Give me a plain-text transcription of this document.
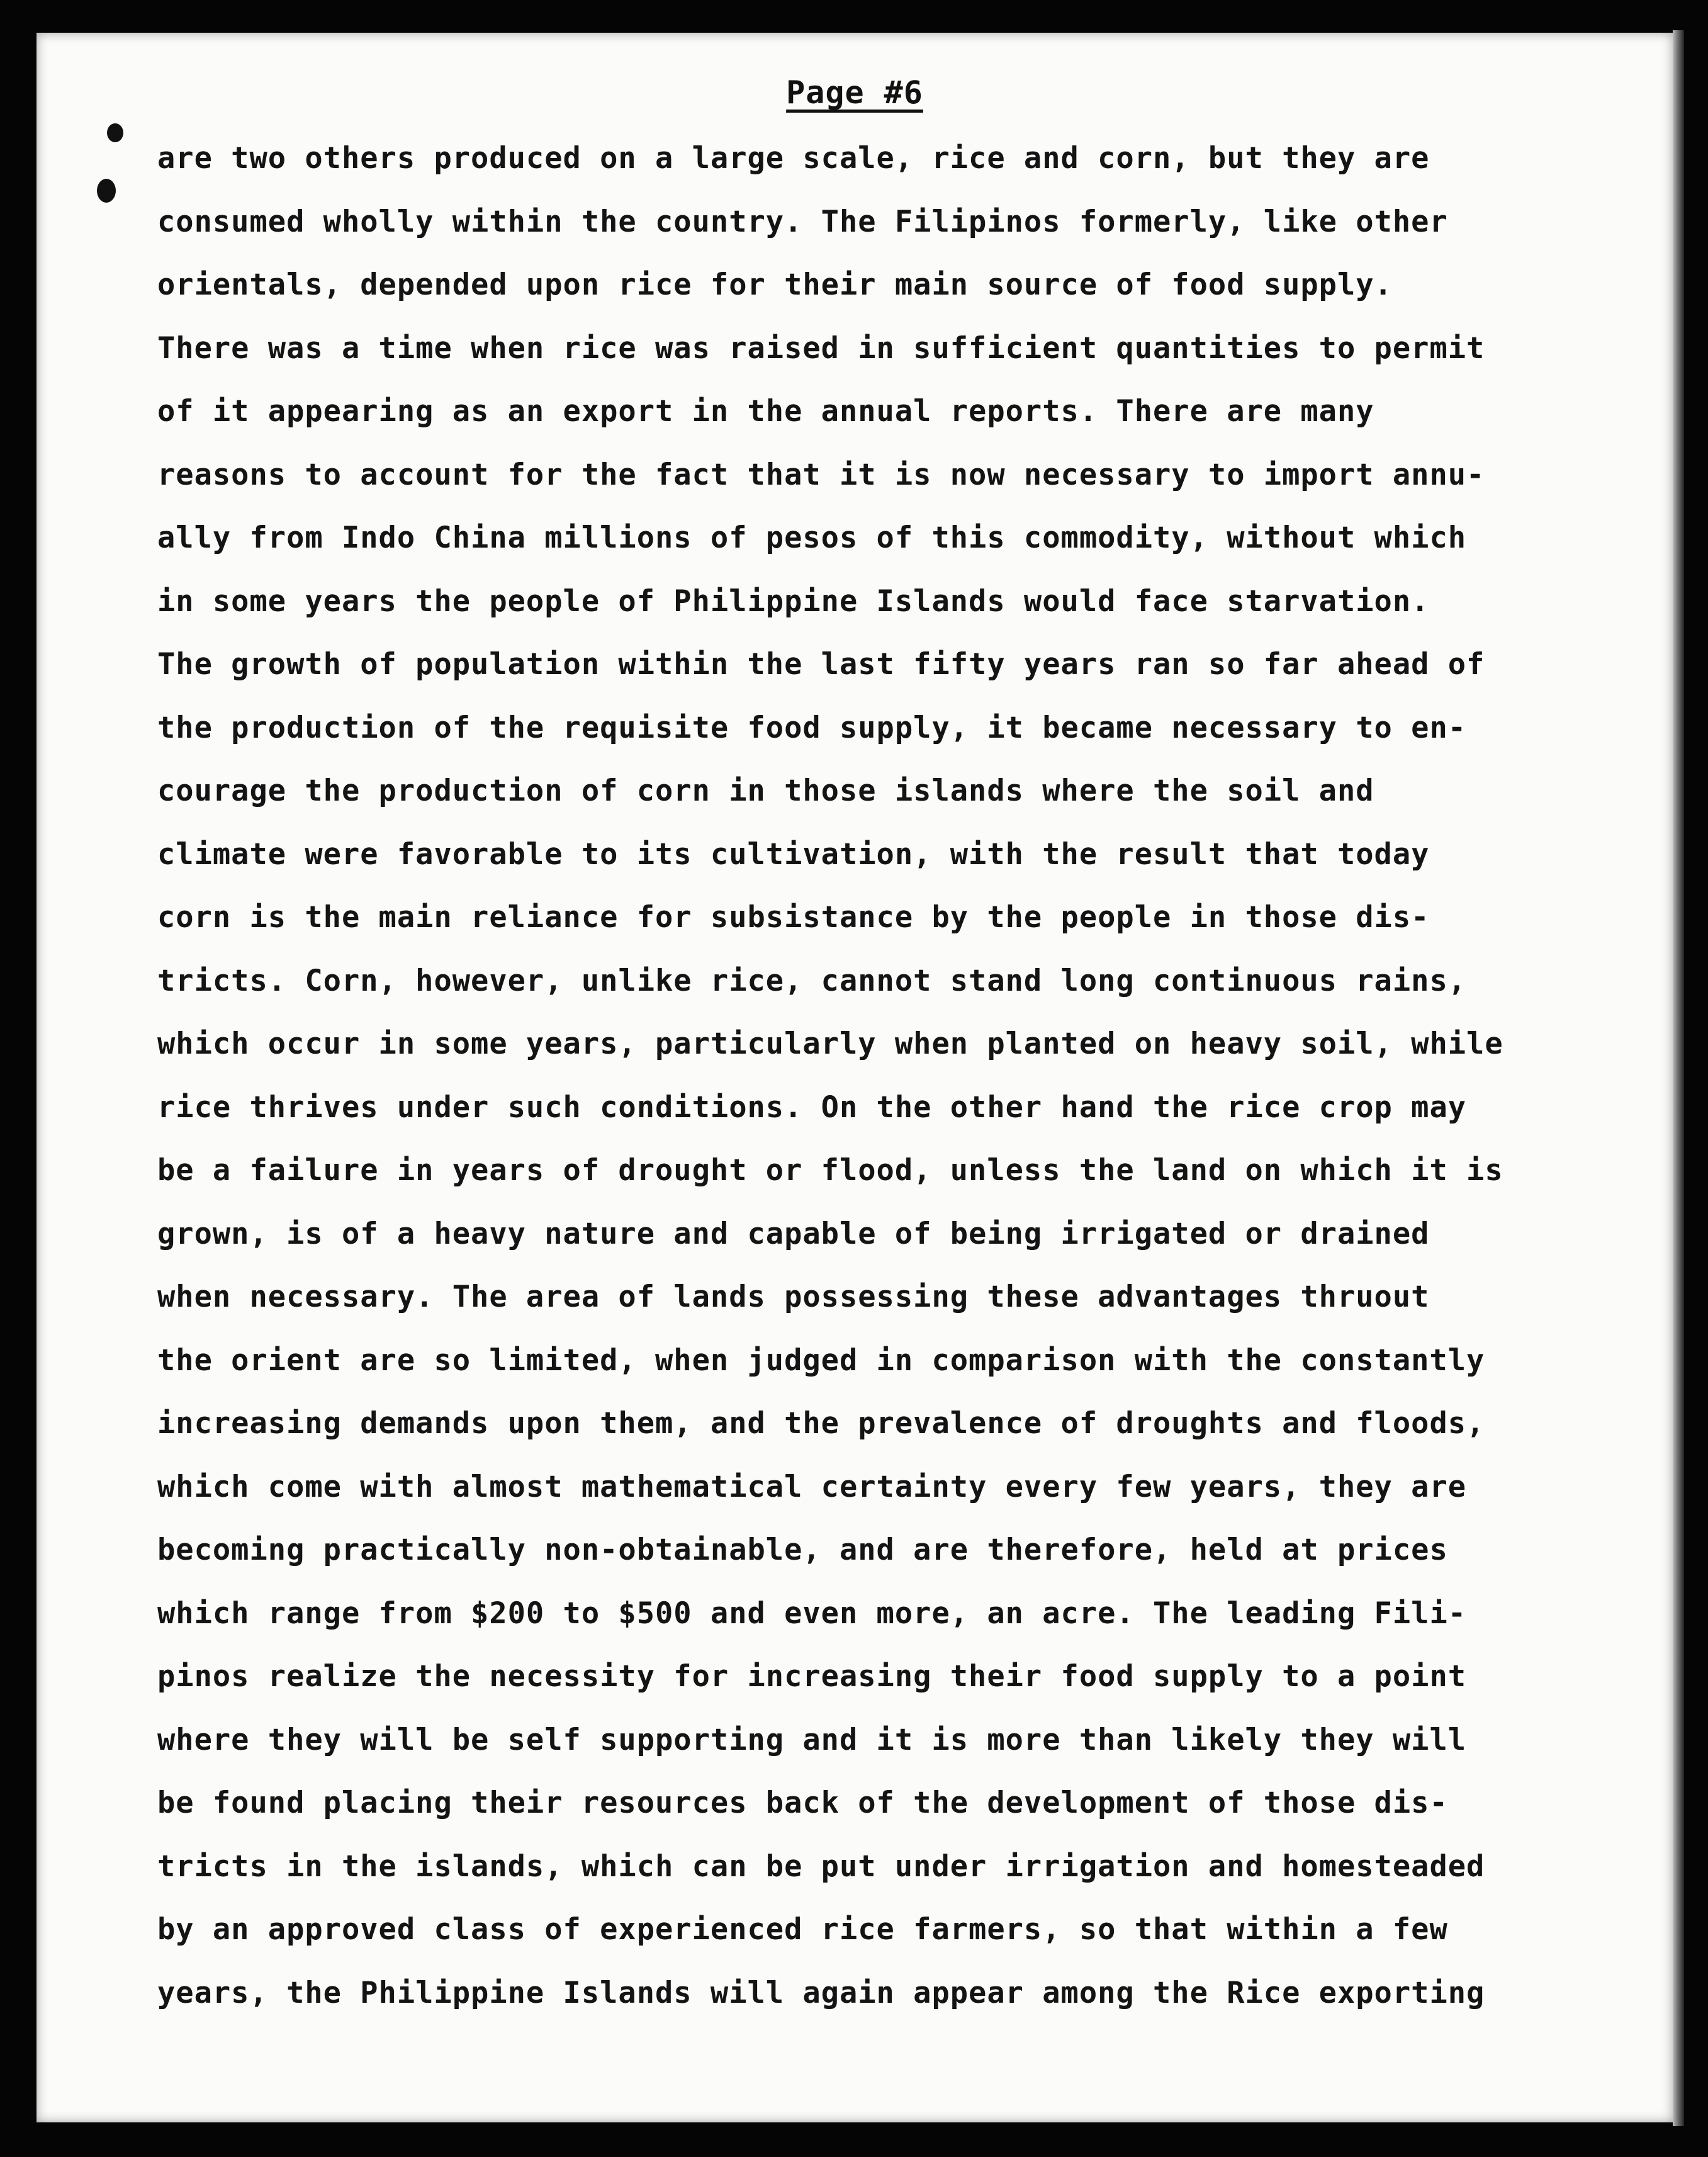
Page #6
are two others produced on a large scale, rice and corn, but they are
consumed wholly within the country. The Filipinos formerly, like other
orientals, depended upon rice for their main source of food supply.
There was a time when rice was raised in sufficient quantities to permit
of it appearing as an export in the annual reports. There are many
reasons to account for the fact that it is now necessary to import annu-
ally from Indo China millions of pesos of this commodity, without which
in some years the people of Philippine Islands would face starvation.
The growth of population within the last fifty years ran so far ahead of
the production of the requisite food supply, it became necessary to en-
courage the production of corn in those islands where the soil and
climate were favorable to its cultivation, with the result that today
corn is the main reliance for subsistance by the people in those dis-
tricts. Corn, however, unlike rice, cannot stand long continuous rains,
which occur in some years, particularly when planted on heavy soil, while
rice thrives under such conditions. On the other hand the rice crop may
be a failure in years of drought or flood, unless the land on which it is
grown, is of a heavy nature and capable of being irrigated or drained
when necessary. The area of lands possessing these advantages thruout
the orient are so limited, when judged in comparison with the constantly
increasing demands upon them, and the prevalence of droughts and floods,
which come with almost mathematical certainty every few years, they are
becoming practically non-obtainable, and are therefore, held at prices
which range from $200 to $500 and even more, an acre. The leading Fili-
pinos realize the necessity for increasing their food supply to a point
where they will be self supporting and it is more than likely they will
be found placing their resources back of the development of those dis-
tricts in the islands, which can be put under irrigation and homesteaded
by an approved class of experienced rice farmers, so that within a few
years, the Philippine Islands will again appear among the Rice exporting
